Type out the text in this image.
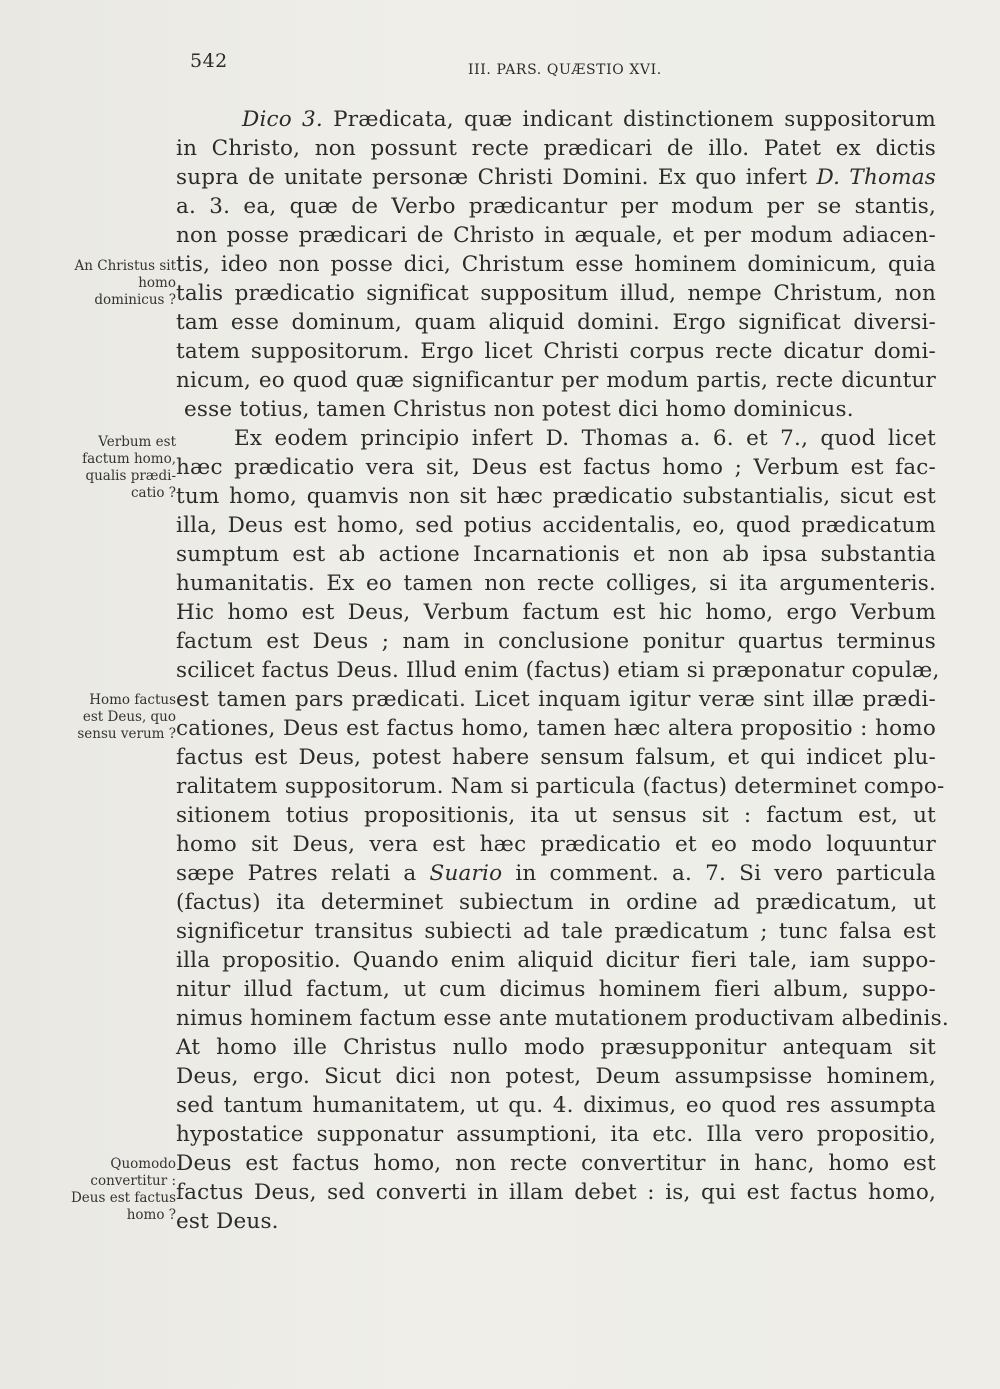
542	III. PARS. QUÆSTIO XVI.

An Christus sit homo dominicus ?
Verbum est factum homo, qualis prædicatio ?
Homo factus est Deus, quo sensu verum ?
Quomodo convertitur : Deus est factus homo ?
Dico 3. Prædicata, quæ indicant distinctionem suppositorum
in Christo, non possunt recte prædicari de illo. Patet ex dictis
supra de unitate personæ Christi Domini. Ex quo infert D. Thomas
a. 3. ea, quæ de Verbo prædicantur per modum per se stantis,
non posse prædicari de Christo in æquale, et per modum adiacen-
tis, ideo non posse dici, Christum esse hominem dominicum, quia
talis prædicatio significat suppositum illud, nempe Christum, non
tam esse dominum, quam aliquid domini. Ergo significat diversi-
tatem suppositorum. Ergo licet Christi corpus recte dicatur domi-
nicum, eo quod quæ significantur per modum partis, recte dicuntur
esse totius, tamen Christus non potest dici homo dominicus.
Ex eodem principio infert D. Thomas a. 6. et 7., quod licet
hæc prædicatio vera sit, Deus est factus homo ; Verbum est fac-
tum homo, quamvis non sit hæc prædicatio substantialis, sicut est
illa, Deus est homo, sed potius accidentalis, eo, quod prædicatum
sumptum est ab actione Incarnationis et non ab ipsa substantia
humanitatis. Ex eo tamen non recte colliges, si ita argumenteris.
Hic homo est Deus, Verbum factum est hic homo, ergo Verbum
factum est Deus ; nam in conclusione ponitur quartus terminus
scilicet factus Deus. Illud enim (factus) etiam si præponatur copulæ,
est tamen pars prædicati. Licet inquam igitur veræ sint illæ prædi-
cationes, Deus est factus homo, tamen hæc altera propositio : homo
factus est Deus, potest habere sensum falsum, et qui indicet plu-
ralitatem suppositorum. Nam si particula (factus) determinet compo-
sitionem totius propositionis, ita ut sensus sit : factum est, ut
homo sit Deus, vera est hæc prædicatio et eo modo loquuntur
sæpe Patres relati a Suario in comment. a. 7. Si vero particula
(factus) ita determinet subiectum in ordine ad prædicatum, ut
significetur transitus subiecti ad tale prædicatum ; tunc falsa est
illa propositio. Quando enim aliquid dicitur fieri tale, iam suppo-
nitur illud factum, ut cum dicimus hominem fieri album, suppo-
nimus hominem factum esse ante mutationem productivam albedinis.
At homo ille Christus nullo modo præsupponitur antequam sit
Deus, ergo. Sicut dici non potest, Deum assumpsisse hominem,
sed tantum humanitatem, ut qu. 4. diximus, eo quod res assumpta
hypostatice supponatur assumptioni, ita etc. Illa vero propositio,
Deus est factus homo, non recte convertitur in hanc, homo est
factus Deus, sed converti in illam debet : is, qui est factus homo,
est Deus.
